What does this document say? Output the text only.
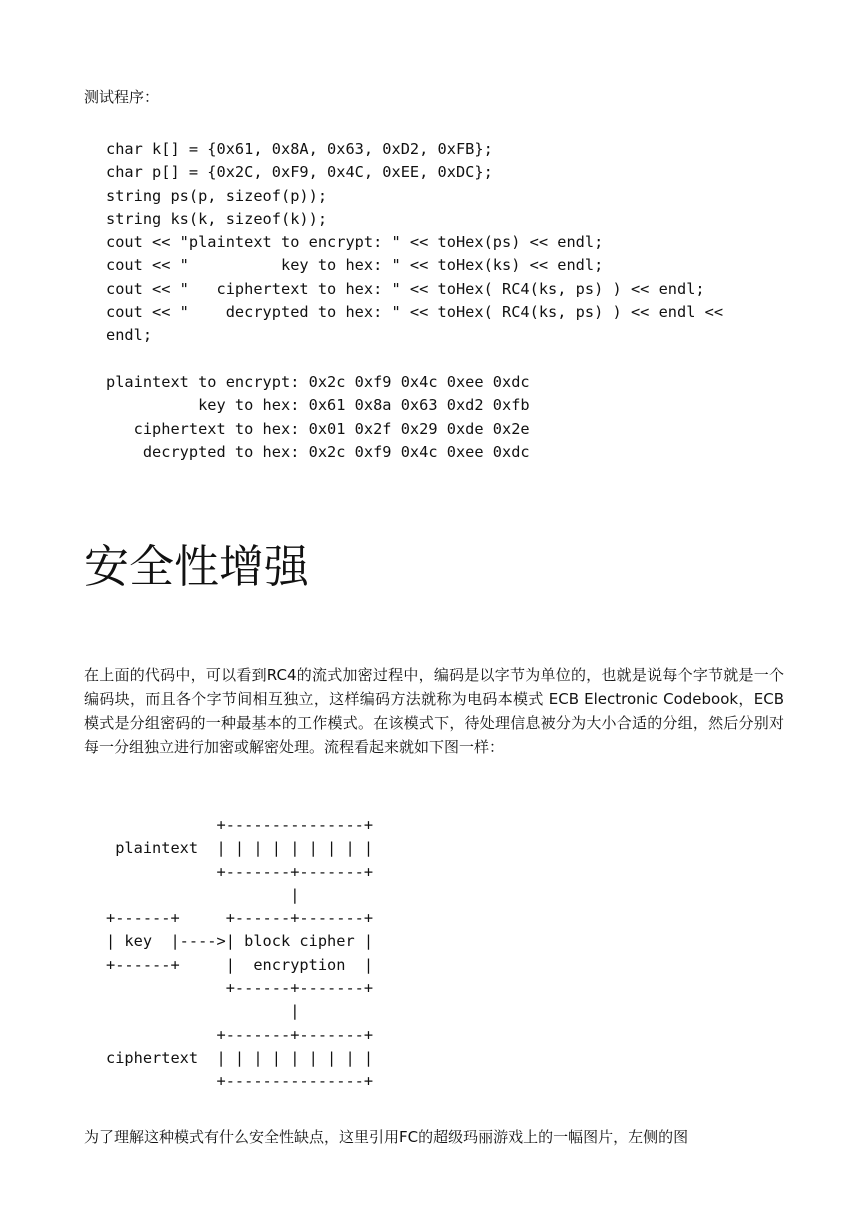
测试程序：
char k[] = {0x61, 0x8A, 0x63, 0xD2, 0xFB};
char p[] = {0x2C, 0xF9, 0x4C, 0xEE, 0xDC};
string ps(p, sizeof(p));
string ks(k, sizeof(k));
cout << "plaintext to encrypt: " << toHex(ps) << endl;
cout << "          key to hex: " << toHex(ks) << endl;
cout << "   ciphertext to hex: " << toHex( RC4(ks, ps) ) << endl;
cout << "    decrypted to hex: " << toHex( RC4(ks, ps) ) << endl <<
endl;
plaintext to encrypt: 0x2c 0xf9 0x4c 0xee 0xdc
key to hex: 0x61 0x8a 0x63 0xd2 0xfb
ciphertext to hex: 0x01 0x2f 0x29 0xde 0x2e
decrypted to hex: 0x2c 0xf9 0x4c 0xee 0xdc
安全性增强

在上面的代码中，可以看到RC4的流式加密过程中，编码是以字节为单位的，也就是说每个字节就是一个编码块，而且各个字节间相互独立，这样编码方法就称为电码本模式 ECB Electronic Codebook，ECB 模式是分组密码的一种最基本的工作模式。在该模式下，待处理信息被分为大小合适的分组，然后分别对每一分组独立进行加密或解密处理。流程看起来就如下图一样：

+---------------+
plaintext  | | | | | | | | |
+-------+-------+
|
+------+     +------+-------+
| key  |---->| block cipher |
+------+     |  encryption  |
+------+-------+
|
+-------+-------+
ciphertext  | | | | | | | | |
+---------------+

为了理解这种模式有什么安全性缺点，这里引用FC的超级玛丽游戏上的一幅图片，左侧的图
